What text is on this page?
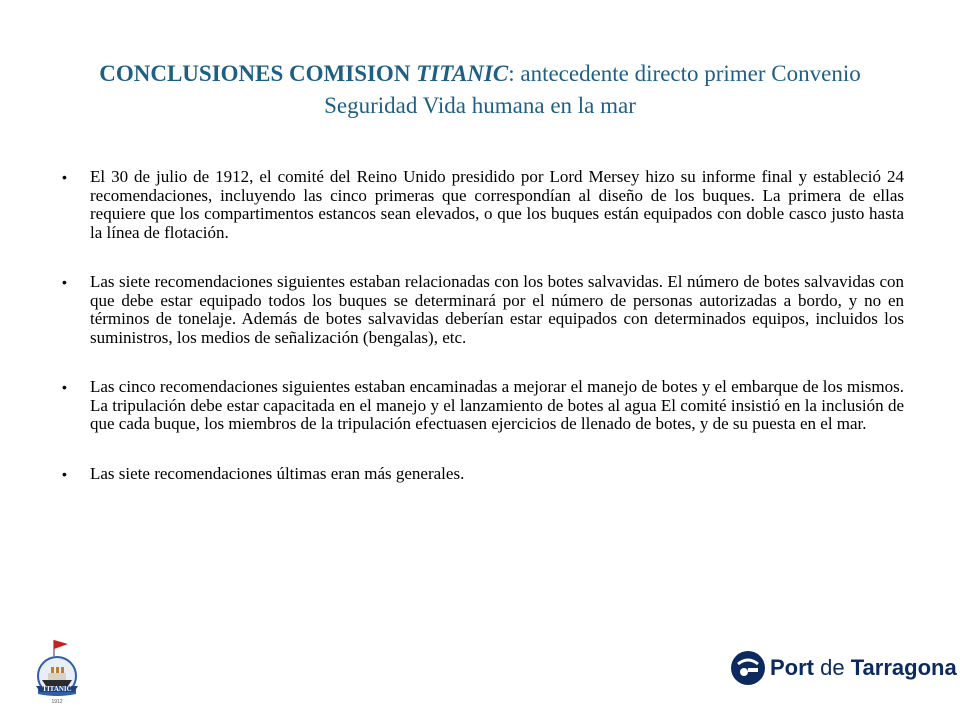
CONCLUSIONES COMISION TITANIC: antecedente directo primer Convenio Seguridad Vida humana en la mar
• El 30 de julio de 1912, el comité del Reino Unido presidido por Lord Mersey hizo su informe final y estableció 24 recomendaciones, incluyendo las cinco primeras que correspondían al diseño de los buques. La primera de ellas requiere que los compartimentos estancos sean elevados, o que los buques están equipados con doble casco justo hasta la línea de flotación.
• Las siete recomendaciones siguientes estaban relacionadas con los botes salvavidas. El número de botes salvavidas con que debe estar equipado todos los buques se determinará por el número de personas autorizadas a bordo, y no en términos de tonelaje. Además de botes salvavidas deberían estar equipados con determinados equipos, incluidos los suministros, los medios de señalización (bengalas), etc.
• Las cinco recomendaciones siguientes estaban encaminadas a mejorar el manejo de botes y el embarque de los mismos. La tripulación debe estar capacitada en el manejo y el lanzamiento de botes al agua El comité insistió en la inclusión de que cada buque, los miembros de la tripulación efectuasen ejercicios de llenado de botes, y de su puesta en el mar.
• Las siete recomendaciones últimas eran más generales.
TITANIC
1912
Port de Tarragona
